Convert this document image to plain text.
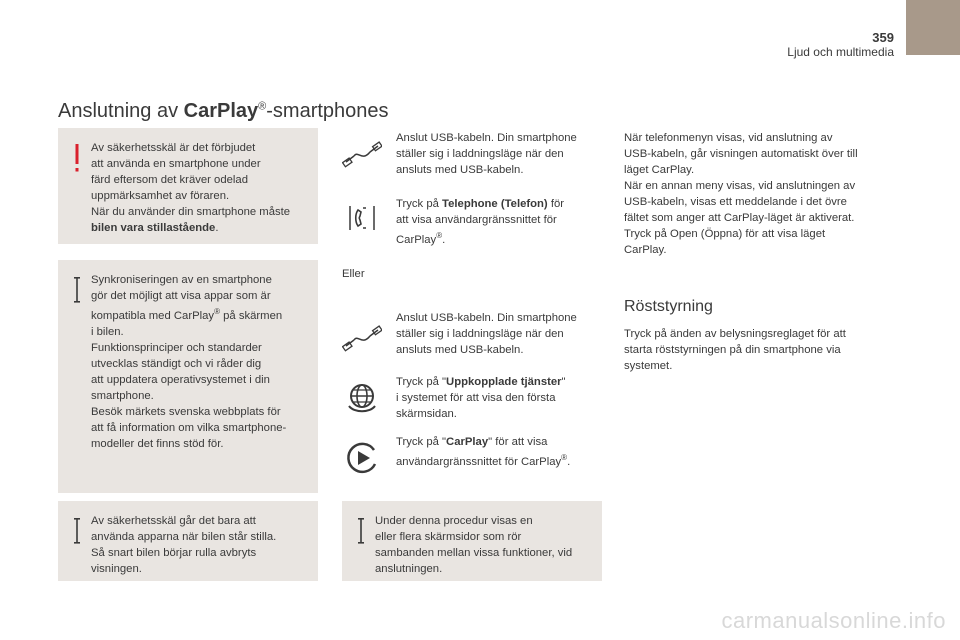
359
Ljud och multimedia
Anslutning av CarPlay®-smartphones
Av säkerhetsskäl är det förbjudet
att använda en smartphone under
färd eftersom det kräver odelad
uppmärksamhet av föraren.
När du använder din smartphone måste
bilen vara stillastående.
Synkroniseringen av en smartphone
gör det möjligt att visa appar som är
kompatibla med CarPlay® på skärmen
i bilen.
Funktionsprinciper och standarder
utvecklas ständigt och vi råder dig
att uppdatera operativsystemet i din
smartphone.
Besök märkets svenska webbplats för
att få information om vilka smartphone-
modeller det finns stöd för.
Av säkerhetsskäl går det bara att
använda apparna när bilen står stilla.
Så snart bilen börjar rulla avbryts
visningen.
Under denna procedur visas en
eller flera skärmsidor som rör
sambanden mellan vissa funktioner, vid
anslutningen.
Anslut USB-kabeln. Din smartphone
ställer sig i laddningsläge när den
ansluts med USB-kabeln.
Tryck på Telephone (Telefon) för
att visa användargränssnittet för
CarPlay®.
Eller
Anslut USB-kabeln. Din smartphone
ställer sig i laddningsläge när den
ansluts med USB-kabeln.
Tryck på "Uppkopplade tjänster"
i systemet för att visa den första
skärmsidan.
Tryck på "CarPlay" för att visa
användargränssnittet för CarPlay®.
När telefonmenyn visas, vid anslutning av
USB-kabeln, går visningen automatiskt över till
läget CarPlay.
När en annan meny visas, vid anslutningen av
USB-kabeln, visas ett meddelande i det övre
fältet som anger att CarPlay-läget är aktiverat.
Tryck på Open (Öppna) för att visa läget
CarPlay.
Röststyrning
Tryck på änden av belysningsreglaget för att
starta röststyrningen på din smartphone via
systemet.
carmanualsonline.info
